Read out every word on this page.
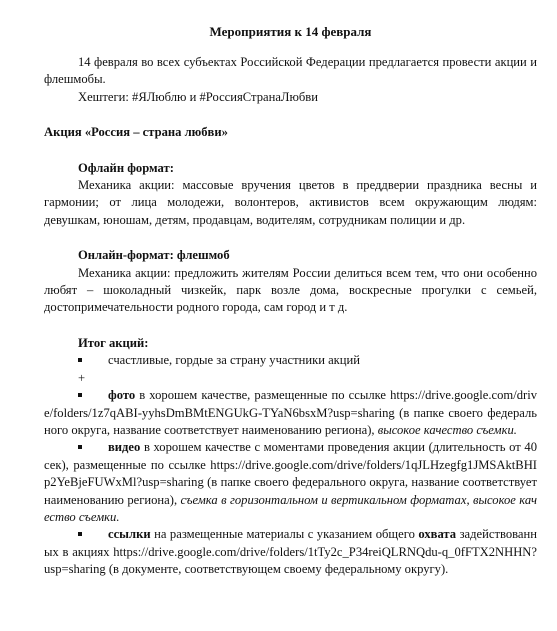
Мероприятия к 14 февраля

14 февраля во всех субъектах Российской Федерации предлагается провести акции и флешмобы.

Хештеги: #ЯЛюблю и #РоссияСтранаЛюбви

Акция «Россия – страна любви»

Офлайн формат:

Механика акции: массовые вручения цветов в преддверии праздника весны и гармонии; от лица молодежи, волонтеров, активистов всем окружающим людям: девушкам, юношам, детям, продавцам, водителям, сотрудникам полиции и др.

Онлайн-формат: флешмоб

Механика акции: предложить жителям России делиться всем тем, что они особенно любят – шоколадный чизкейк, парк возле дома, воскресные прогулки с семьей, достопримечательности родного города, сам город и т д.

Итог акций:

счастливые, гордые за страну участники акций

+

фото в хорошем качестве, размещенные по ссылке https://drive.google.com/drive/folders/1z7qABI-yyhsDmBMtENGUkG-TYaN6bsxM?usp=sharing (в папке своего федерального округа, название соответствует наименованию региона), высокое качество съемки.

видео в хорошем качестве с моментами проведения акции (длительность от 40 сек), размещенные по ссылке https://drive.google.com/drive/folders/1qJLHzegfg1JMSAktBHIp2YeBjeFUWxMl?usp=sharing (в папке своего федерального округа, название соответствует наименованию региона), съемка в горизонтальном и вертикальном форматах, высокое качество съемки.

ссылки на размещенные материалы с указанием общего охвата задействованных в акциях https://drive.google.com/drive/folders/1tTy2c_P34reiQLRNQdu-q_0fFTX2NHHN?usp=sharing (в документе, соответствующем своему федеральному округу).
